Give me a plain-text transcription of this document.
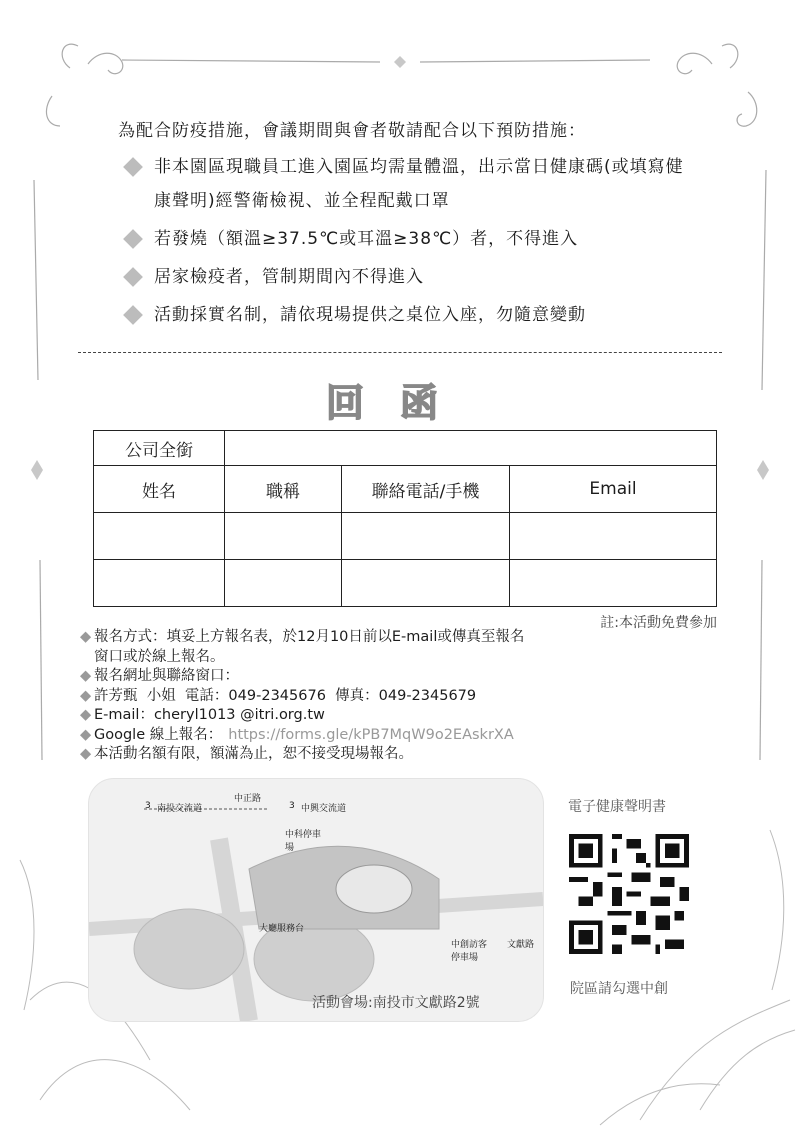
為配合防疫措施，會議期間與會者敬請配合以下預防措施：
非本園區現職員工進入園區均需量體溫，出示當日健康碼(或填寫健康聲明)經警衛檢視、並全程配戴口罩
若發燒（額溫≥37.5℃或耳溫≥38℃）者，不得進入
居家檢疫者，管制期間內不得進入
活動採實名制，請依現場提供之桌位入座，勿隨意變動
回函
公司全銜			
姓名	職稱	聯絡電話/手機	Email

註:本活動免費參加
◆ 報名方式：填妥上方報名表，於12月10日前以E-mail或傳真至報名
窗口或於線上報名。
◆ 報名網址與聯絡窗口：
◆ 許芳甄  小姐  電話：049-2345676  傳真：049-2345679
◆ E-mail：cheryl1013 @itri.org.tw
◆ Google 線上報名： https://forms.gle/kPB7MqW9o2EAskrXA
◆ 本活動名額有限，額滿為止，恕不接受現場報名。
中正路
3 南投交流道	3 中興交流道
中科停車場
大廳服務台
中創訪客停車場
文獻路
活動會場:南投市文獻路2號
電子健康聲明書
院區請勾選中創
